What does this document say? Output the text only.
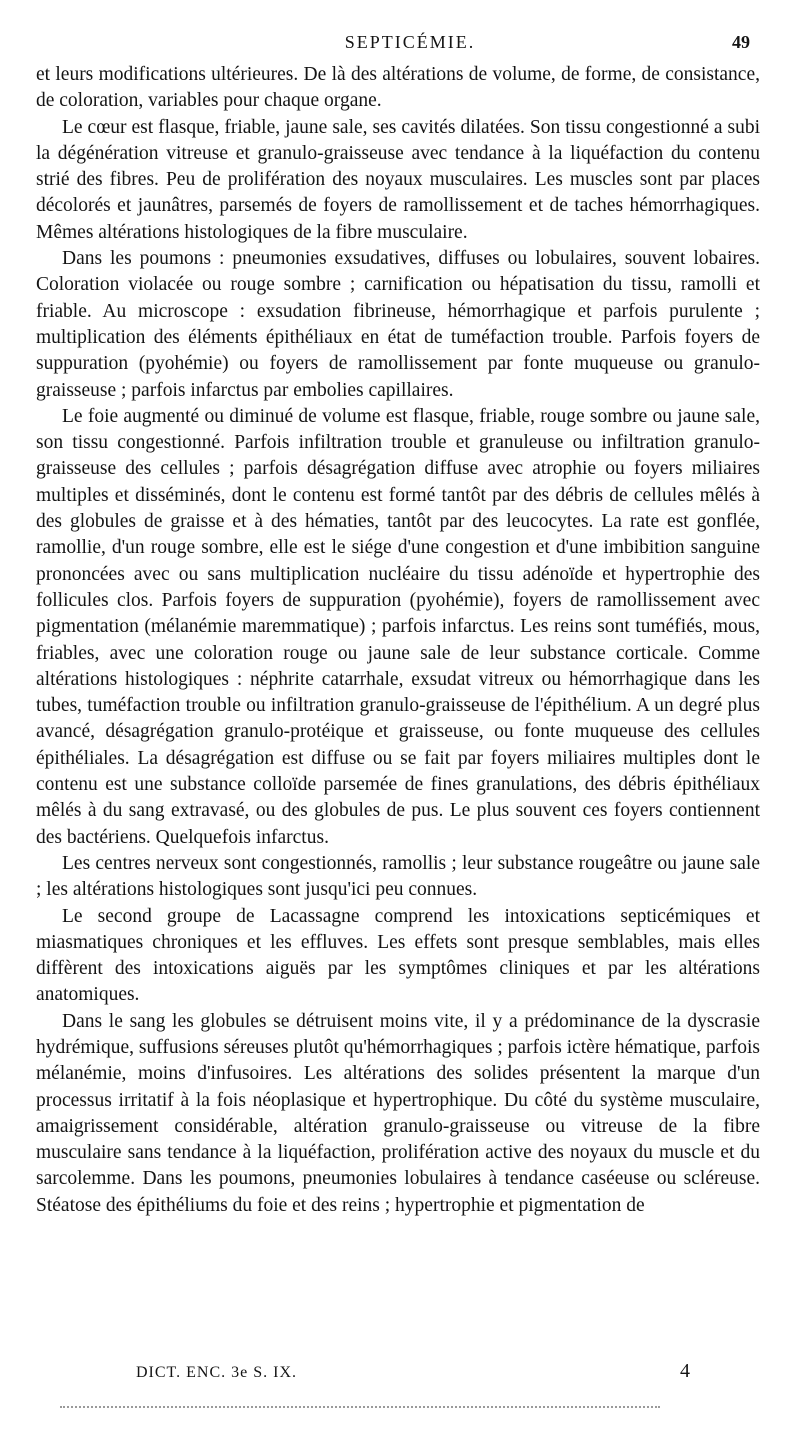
SEPTICÉMIE.	49

et leurs modifications ultérieures. De là des altérations de volume, de forme, de consistance, de coloration, variables pour chaque organe.

Le cœur est flasque, friable, jaune sale, ses cavités dilatées. Son tissu congestionné a subi la dégénération vitreuse et granulo-graisseuse avec tendance à la liquéfaction du contenu strié des fibres. Peu de prolifération des noyaux musculaires. Les muscles sont par places décolorés et jaunâtres, parsemés de foyers de ramollissement et de taches hémorrhagiques. Mêmes altérations histologiques de la fibre musculaire.

Dans les poumons : pneumonies exsudatives, diffuses ou lobulaires, souvent lobaires. Coloration violacée ou rouge sombre ; carnification ou hépatisation du tissu, ramolli et friable. Au microscope : exsudation fibrineuse, hémorrhagique et parfois purulente ; multiplication des éléments épithéliaux en état de tuméfaction trouble. Parfois foyers de suppuration (pyohémie) ou foyers de ramollissement par fonte muqueuse ou granulo-graisseuse ; parfois infarctus par embolies capillaires.

Le foie augmenté ou diminué de volume est flasque, friable, rouge sombre ou jaune sale, son tissu congestionné. Parfois infiltration trouble et granuleuse ou infiltration granulo-graisseuse des cellules ; parfois désagrégation diffuse avec atrophie ou foyers miliaires multiples et disséminés, dont le contenu est formé tantôt par des débris de cellules mêlés à des globules de graisse et à des hématies, tantôt par des leucocytes. La rate est gonflée, ramollie, d'un rouge sombre, elle est le siége d'une congestion et d'une imbibition sanguine prononcées avec ou sans multiplication nucléaire du tissu adénoïde et hypertrophie des follicules clos. Parfois foyers de suppuration (pyohémie), foyers de ramollissement avec pigmentation (mélanémie maremmatique) ; parfois infarctus. Les reins sont tuméfiés, mous, friables, avec une coloration rouge ou jaune sale de leur substance corticale. Comme altérations histologiques : néphrite catarrhale, exsudat vitreux ou hémorrhagique dans les tubes, tuméfaction trouble ou infiltration granulo-graisseuse de l'épithélium. A un degré plus avancé, désagrégation granulo-protéique et graisseuse, ou fonte muqueuse des cellules épithéliales. La désagrégation est diffuse ou se fait par foyers miliaires multiples dont le contenu est une substance colloïde parsemée de fines granulations, des débris épithéliaux mêlés à du sang extravasé, ou des globules de pus. Le plus souvent ces foyers contiennent des bactériens. Quelquefois infarctus.

Les centres nerveux sont congestionnés, ramollis ; leur substance rougeâtre ou jaune sale ; les altérations histologiques sont jusqu'ici peu connues.

Le second groupe de Lacassagne comprend les intoxications septicémiques et miasmatiques chroniques et les effluves. Les effets sont presque semblables, mais elles diffèrent des intoxications aiguës par les symptômes cliniques et par les altérations anatomiques.

Dans le sang les globules se détruisent moins vite, il y a prédominance de la dyscrasie hydrémique, suffusions séreuses plutôt qu'hémorrhagiques ; parfois ictère hématique, parfois mélanémie, moins d'infusoires. Les altérations des solides présentent la marque d'un processus irritatif à la fois néoplasique et hypertrophique. Du côté du système musculaire, amaigrissement considérable, altération granulo-graisseuse ou vitreuse de la fibre musculaire sans tendance à la liquéfaction, prolifération active des noyaux du muscle et du sarcolemme. Dans les poumons, pneumonies lobulaires à tendance caséeuse ou scléreuse. Stéatose des épithéliums du foie et des reins ; hypertrophie et pigmentation de

DICT. ENC. 3e S. IX.	4
